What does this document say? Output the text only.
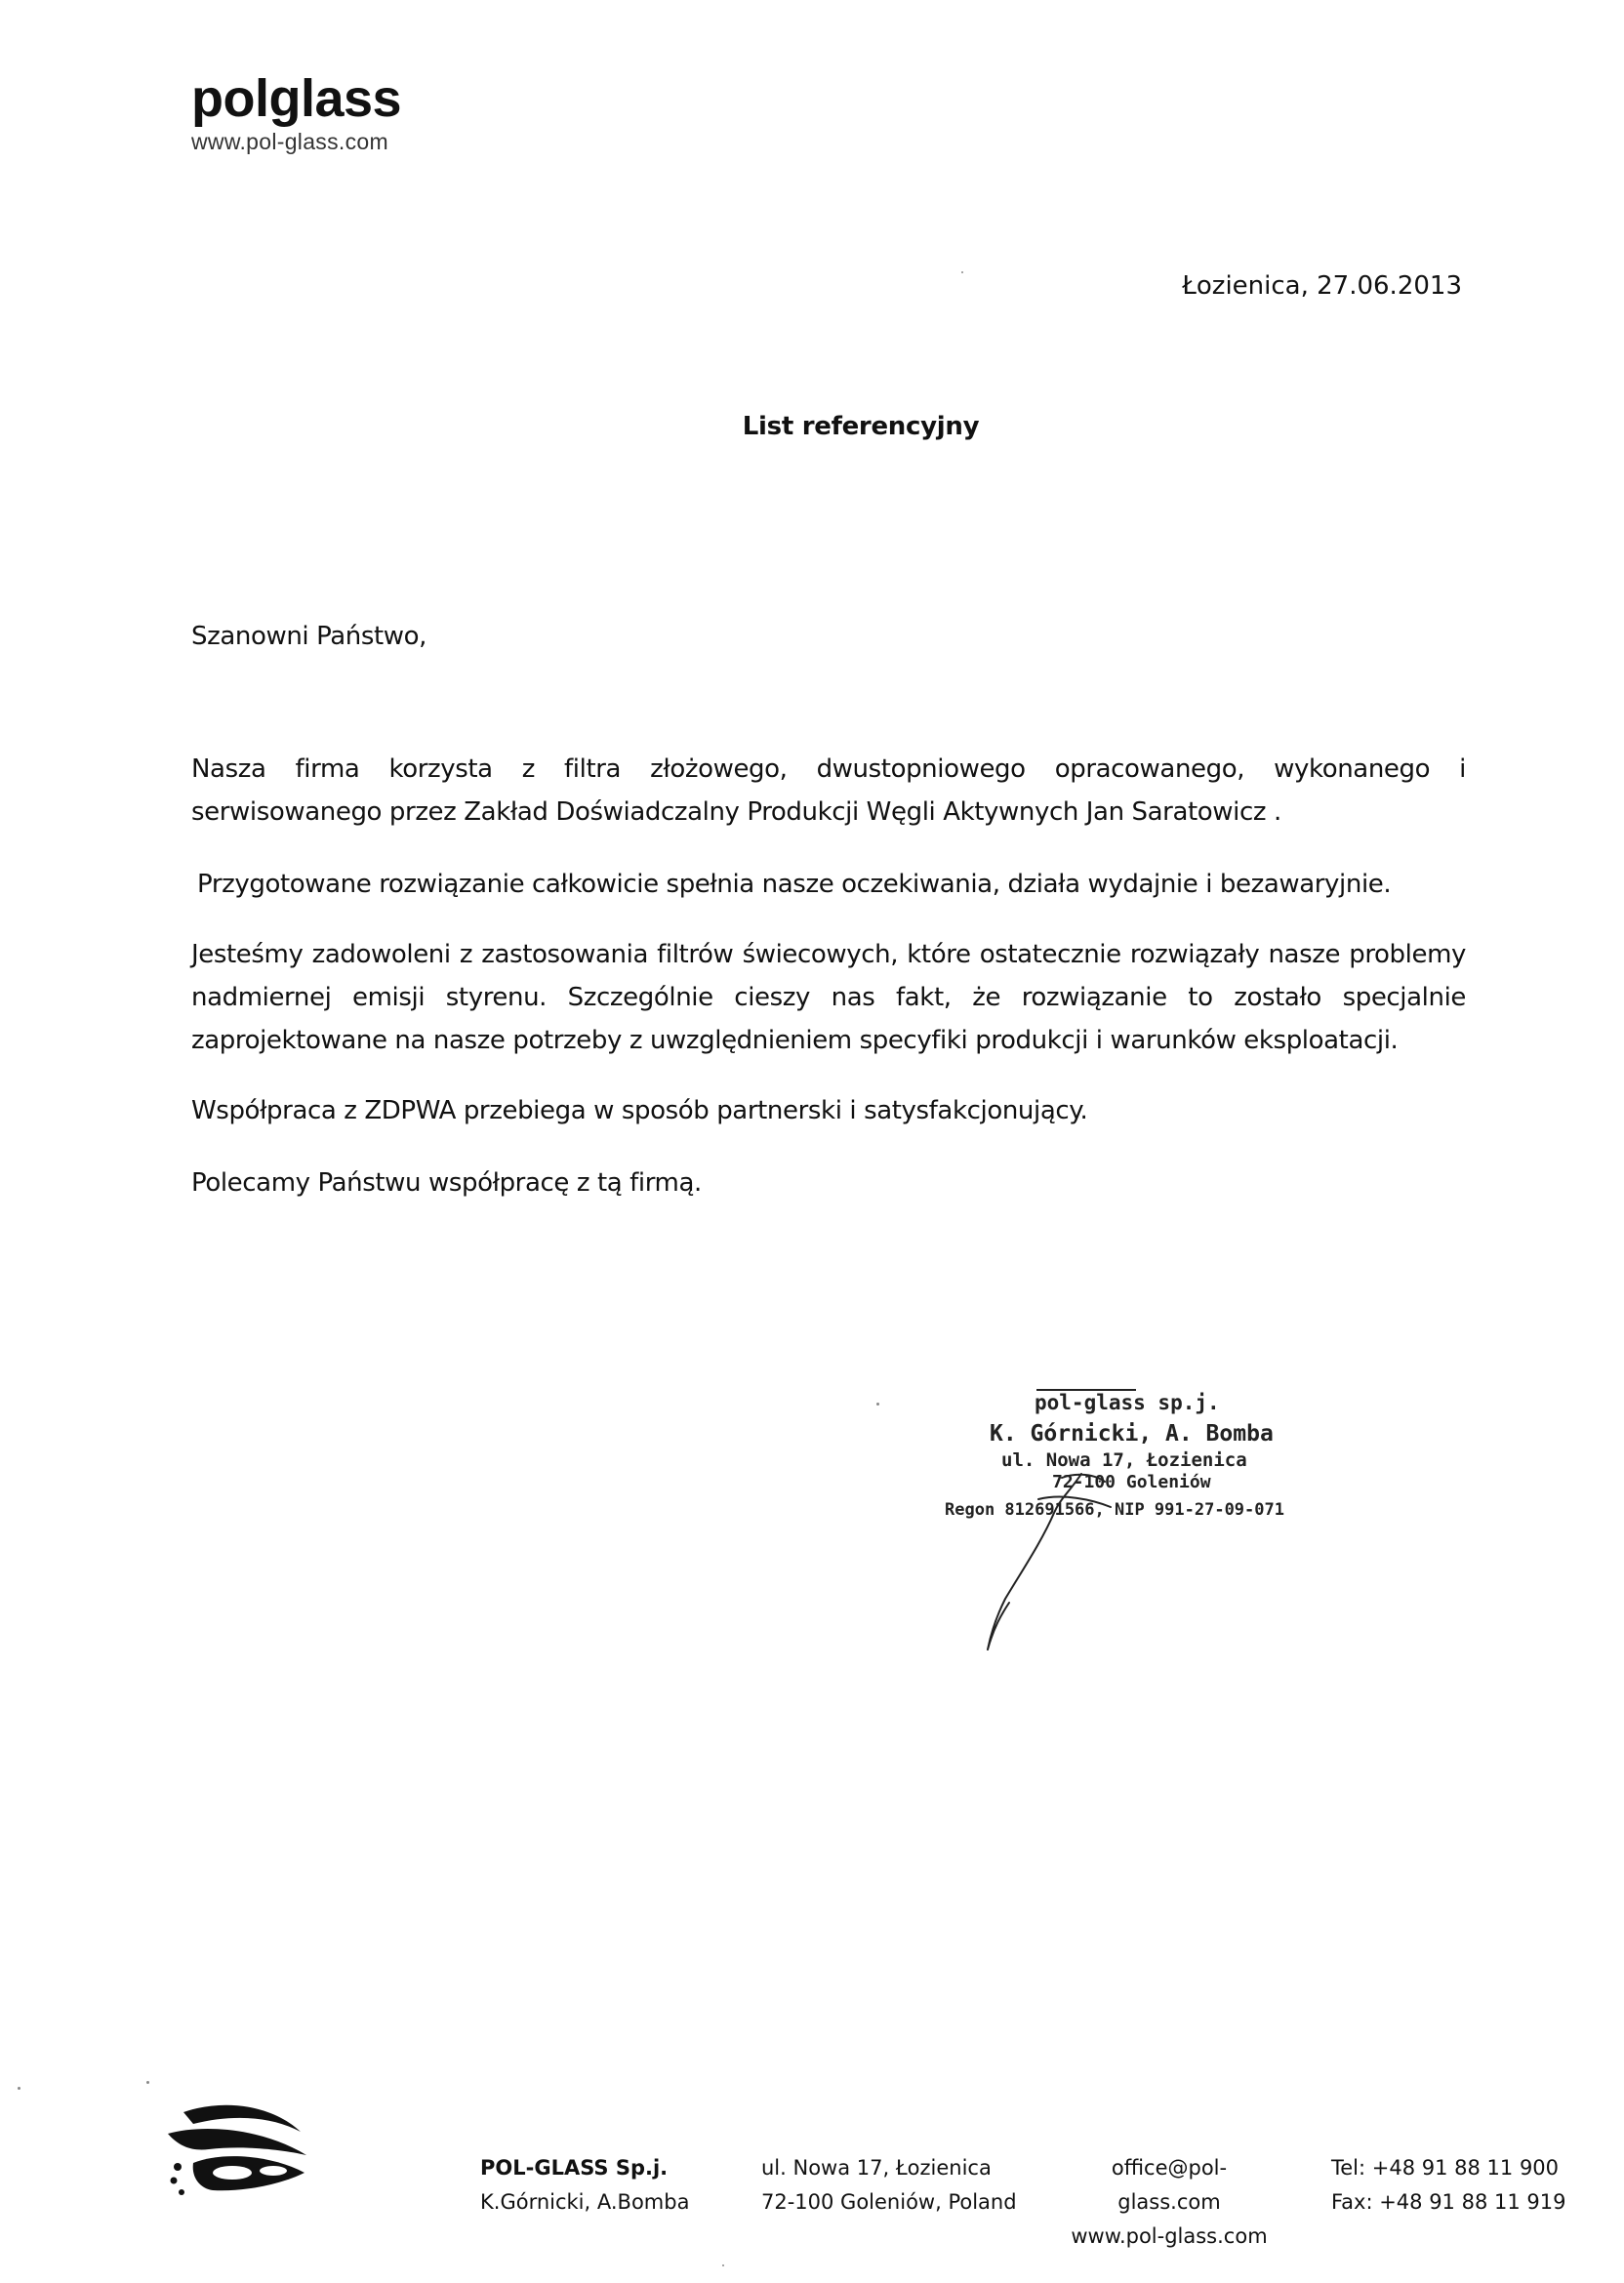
polglass
www.pol-glass.com
Łozienica, 27.06.2013
List referencyjny
Szanowni Państwo,
Nasza firma korzysta z filtra złożowego, dwustopniowego opracowanego, wykonanego i serwisowanego przez Zakład Doświadczalny Produkcji Węgli Aktywnych Jan Saratowicz .
Przygotowane rozwiązanie całkowicie spełnia nasze oczekiwania, działa wydajnie i bezawaryjnie.
Jesteśmy zadowoleni z zastosowania filtrów świecowych, które ostatecznie rozwiązały nasze problemy nadmiernej emisji styrenu. Szczególnie cieszy nas fakt, że rozwiązanie to zostało specjalnie zaprojektowane na nasze potrzeby z uwzględnieniem specyfiki produkcji i warunków eksploatacji.
Współpraca z ZDPWA przebiega w sposób partnerski i satysfakcjonujący.
Polecamy Państwu współpracę z tą firmą.
pol-glass sp.j.
K. Górnicki, A. Bomba
ul. Nowa 17, Łozienica
72-100 Goleniów
Regon 812691566, NIP 991-27-09-071
POL-GLASS Sp.j.
K.Górnicki, A.Bomba
ul. Nowa 17, Łozienica
72-100 Goleniów, Poland
office@pol-glass.com
www.pol-glass.com
Tel: +48 91 88 11 900
Fax: +48 91 88 11 919
